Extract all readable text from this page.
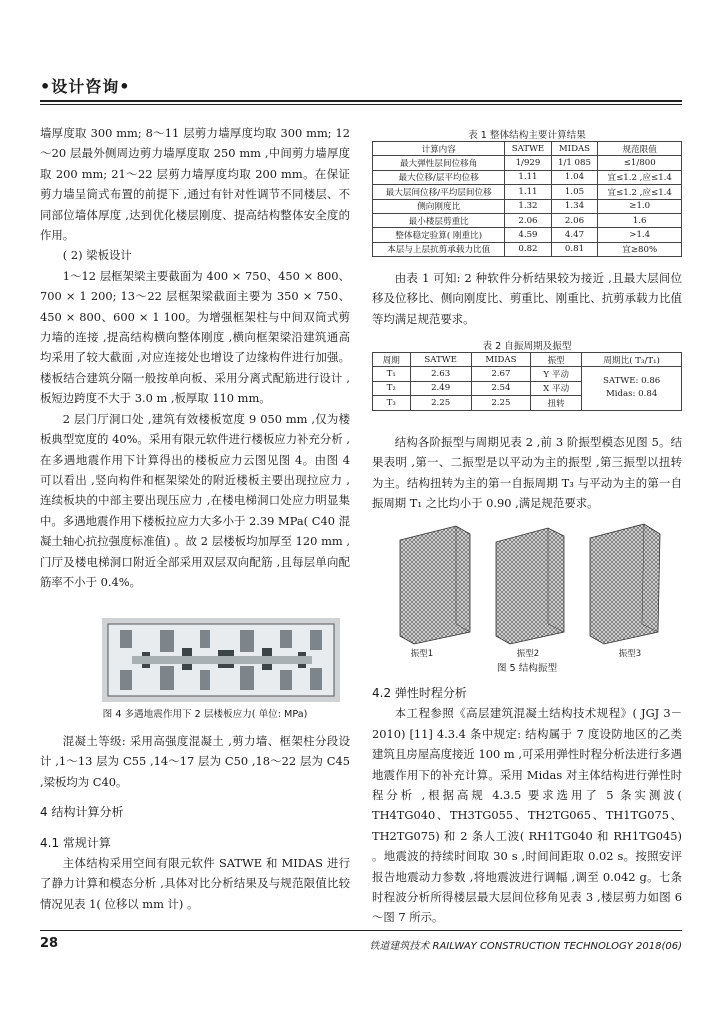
•设计咨询•

墙厚度取 300 mm; 8～11 层剪力墙厚度均取 300 mm; 12～20 层最外侧周边剪力墙厚度取 250 mm ,中间剪力墙厚度取 200 mm; 21～22 层剪力墙厚度均取 200 mm。在保证剪力墙呈筒式布置的前提下 ,通过有针对性调节不同楼层、不同部位墙体厚度 ,达到优化楼层刚度、提高结构整体安全度的作用。

( 2) 梁板设计

1～12 层框架梁主要截面为 400 × 750、450 × 800、700 × 1 200; 13～22 层框架梁截面主要为 350 × 750、450 × 800、600 × 1 100。为增强框架柱与中间双筒式剪力墙的连接 ,提高结构横向整体刚度 ,横向框架梁沿建筑通高均采用了较大截面 ,对应连接处也增设了边缘构件进行加强。楼板结合建筑分隔一般按单向板、采用分离式配筋进行设计 ,板短边跨度不大于 3.0 m ,板厚取 110 mm。

2 层门厅洞口处 ,建筑有效楼板宽度 9 050 mm ,仅为楼板典型宽度的 40%。采用有限元软件进行楼板应力补充分析 ,在多遇地震作用下计算得出的楼板应力云图见图 4。由图 4 可以看出 ,竖向构件和框架梁处的附近楼板主要出现拉应力 ,连续板块的中部主要出现压应力 ,在楼电梯洞口处应力明显集中。多遇地震作用下楼板拉应力大多小于 2.39 MPa( C40 混凝土轴心抗拉强度标准值) 。故 2 层楼板均加厚至 120 mm ,门厅及楼电梯洞口附近全部采用双层双向配筋 ,且每层单向配筋率不小于 0.4%。

图 4 多遇地震作用下 2 层楼板应力( 单位: MPa)

混凝土等级: 采用高强度混凝土 ,剪力墙、框架柱分段设计 ,1～13 层为 C55 ,14～17 层为 C50 ,18～22 层为 C45 ,梁板均为 C40。

4 结构计算分析

4.1 常规计算

主体结构采用空间有限元软件 SATWE 和 MIDAS 进行了静力计算和模态分析 ,具体对比分析结果及与规范限值比较情况见表 1( 位移以 mm 计) 。

表 1 整体结构主要计算结果
计算内容	SATWE	MIDAS	规范限值
最大弹性层间位移角	1/929	1/1 085	≤1/800
最大位移/层平均位移	1.11	1.04	宜≤1.2 ,应≤1.4
最大层间位移/平均层间位移	1.11	1.05	宜≤1.2 ,应≤1.4
侧向刚度比	1.32	1.34	≥1.0
最小楼层剪重比	2.06	2.06	1.6
整体稳定验算( 刚重比)	4.59	4.47	>1.4
本层与上层抗剪承载力比值	0.82	0.81	宜≥80%

由表 1 可知: 2 种软件分析结果较为接近 ,且最大层间位移及位移比、侧向刚度比、剪重比、刚重比、抗剪承载力比值等均满足规范要求。

表 2 自振周期及振型
周期	SATWE	MIDAS	振型	周期比( T₃/T₁)
T₁	2.63	2.67	Y 平动	SATWE: 0.86
Midas: 0.84

T₂	2.49	2.54	X 平动	
T₃	2.25	2.25	扭转	

结构各阶振型与周期见表 2 ,前 3 阶振型模态见图 5。结果表明 ,第一、二振型是以平动为主的振型 ,第三振型以扭转为主。结构扭转为主的第一自振周期 T₃ 与平动为主的第一自振周期 T₁ 之比均小于 0.90 ,满足规范要求。

振型1	振型2	振型3
图 5 结构振型

4.2 弹性时程分析

本工程参照《高层建筑混凝土结构技术规程》( JGJ 3－2010) [11] 4.3.4 条中规定: 结构属于 7 度设防地区的乙类建筑且房屋高度接近 100 m ,可采用弹性时程分析法进行多遇地震作用下的补充计算。采用 Midas 对主体结构进行弹性时程分析 ,根据高规 4.3.5 要求选用了 5 条实测波( TH4TG040、TH3TG055、TH2TG065、TH1TG075、TH2TG075) 和 2 条人工波( RH1TG040 和 RH1TG045) 。地震波的持续时间取 30 s ,时间间距取 0.02 s。按照安评报告地震动力参数 ,将地震波进行调幅 ,调至 0.042 g。七条时程波分析所得楼层最大层间位移角见表 3 ,楼层剪力如图 6～图 7 所示。

28	铁道建筑技术 RAILWAY CONSTRUCTION TECHNOLOGY 2018(06)
